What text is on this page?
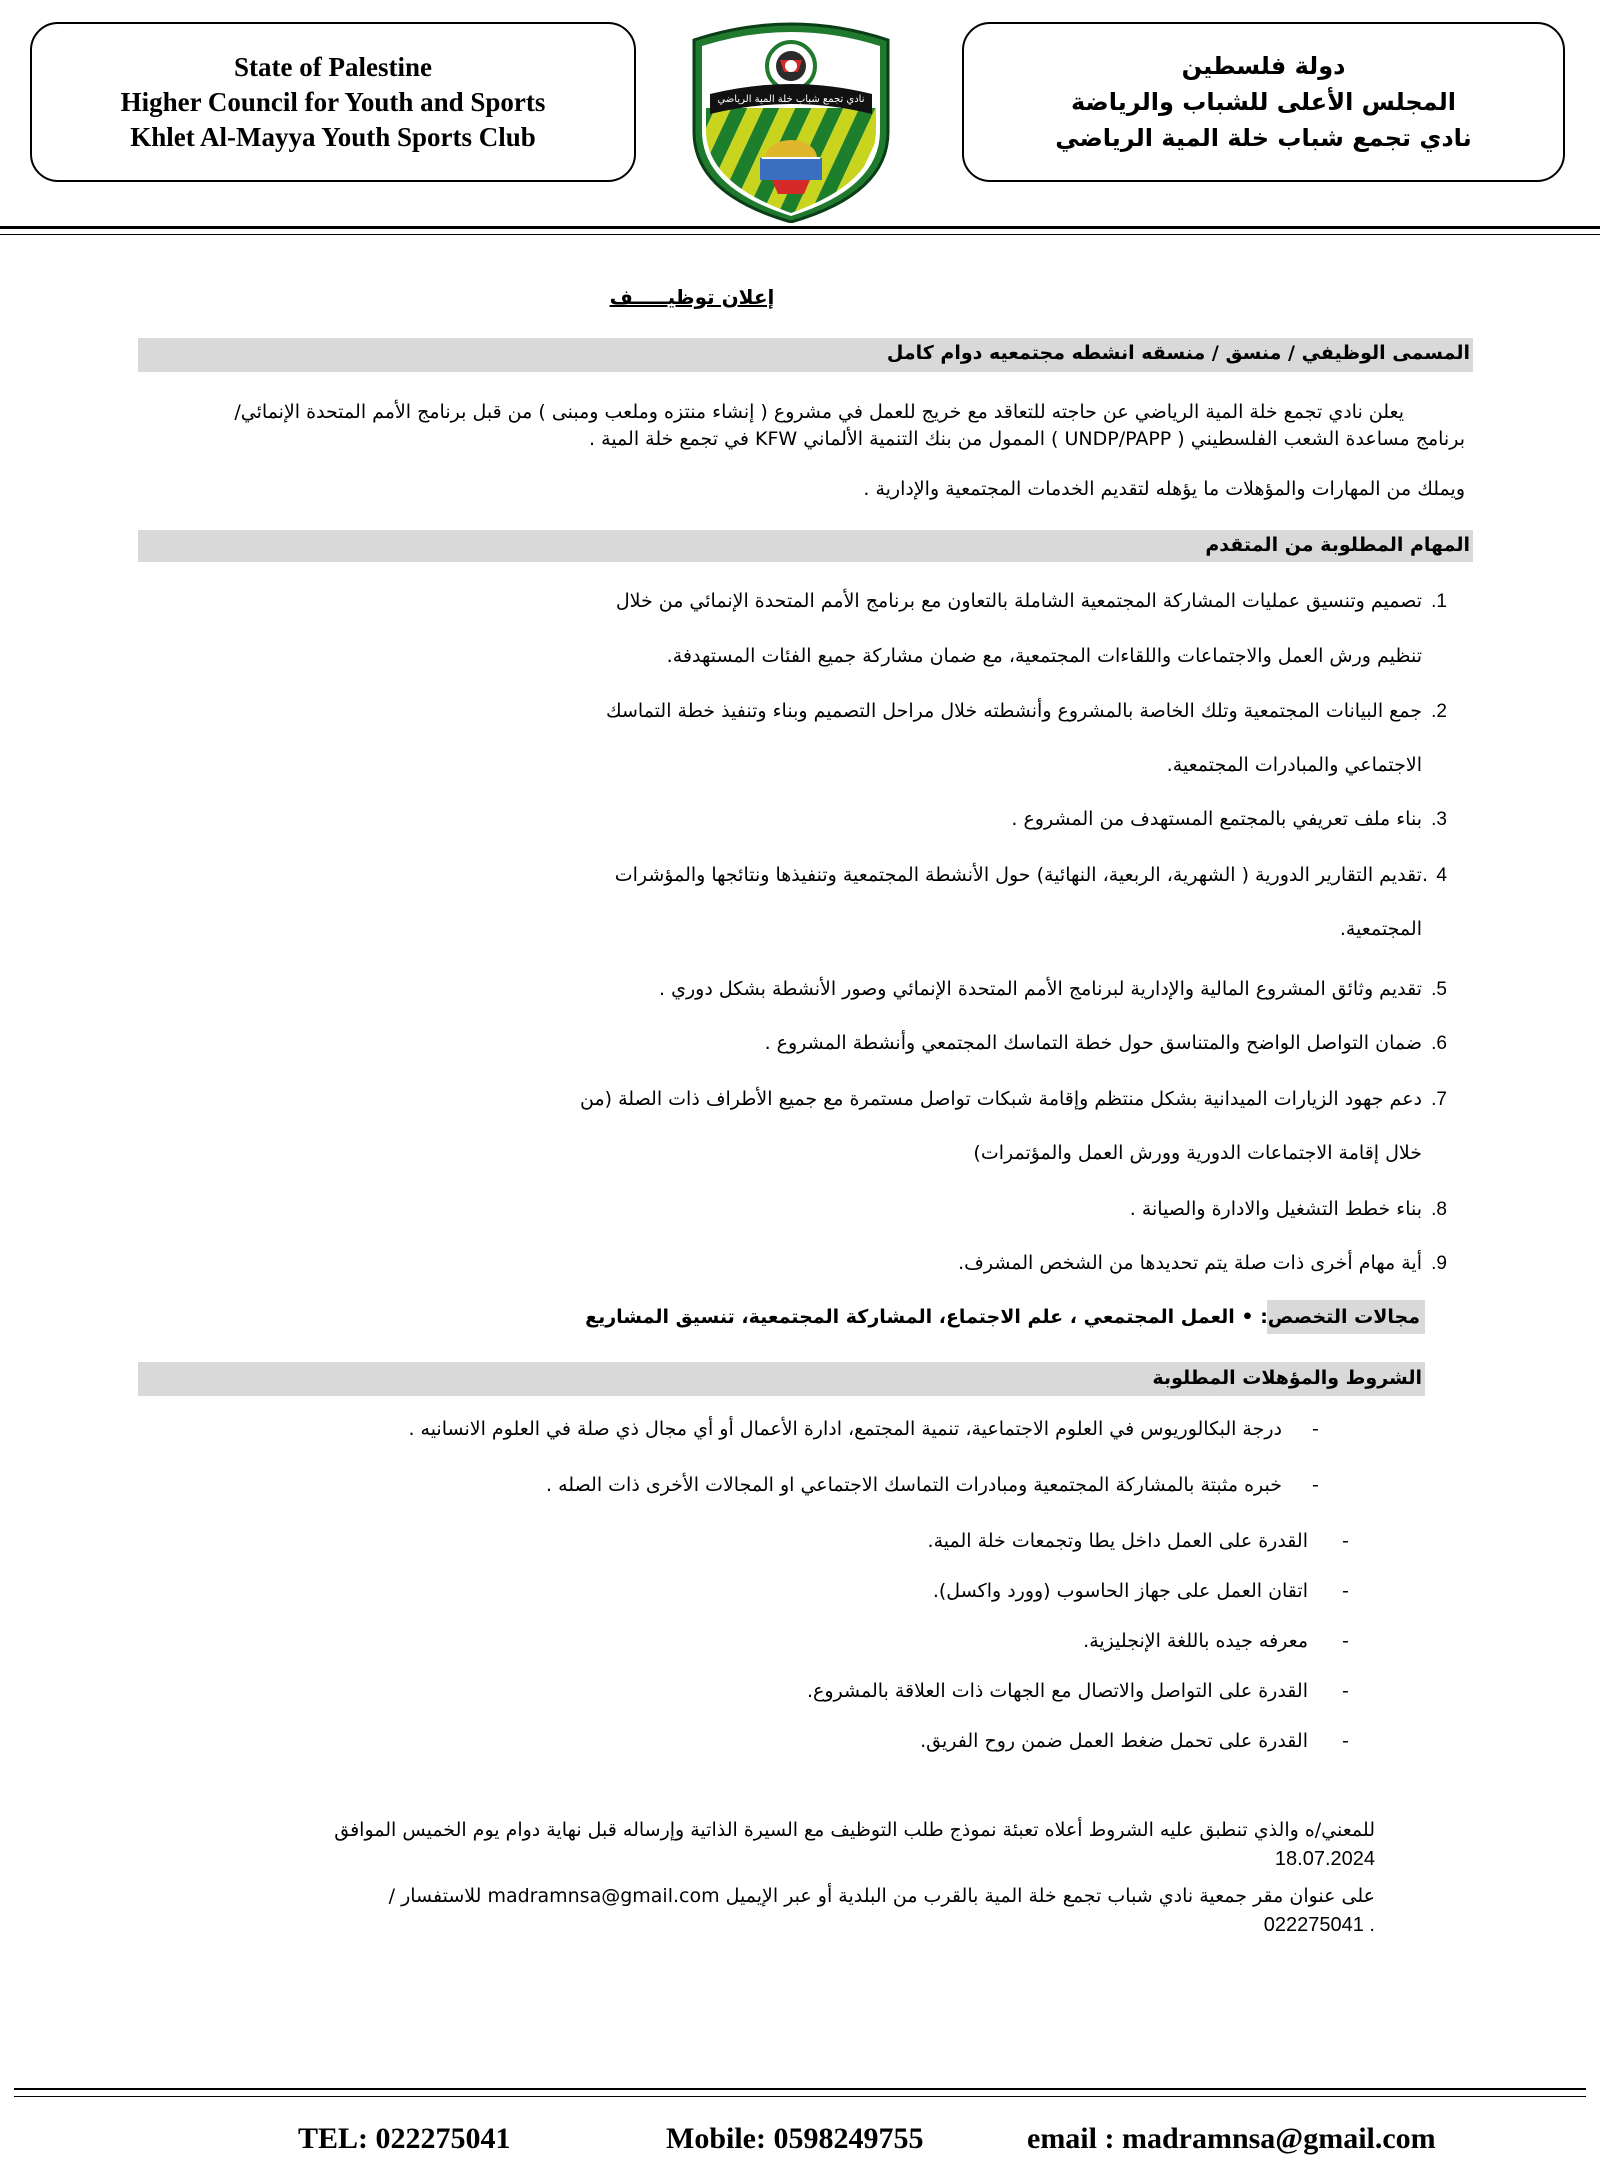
State of Palestine
Higher Council for Youth and Sports
Khlet Al-Mayya Youth Sports Club
نادي تجمع شباب خلة المية الرياضي
دولة فلسطين
المجلس الأعلى للشباب والرياضة
نادي تجمع شباب خلة المية الرياضي
إعلان توظيـــــف
المسمى الوظيفي / منسق / منسقه انشطه مجتمعيه دوام كامل
يعلن نادي تجمع خلة المية الرياضي عن حاجته للتعاقد مع خريج للعمل في مشروع ( إنشاء منتزه وملعب ومبنى ) من قبل برنامج الأمم المتحدة الإنمائي/
برنامج مساعدة الشعب الفلسطيني ( UNDP/PAPP ) الممول من بنك التنمية الألماني KFW في تجمع خلة المية .
ويملك من المهارات والمؤهلات ما يؤهله لتقديم الخدمات المجتمعية والإدارية .
المهام المطلوبة من المتقدم
1.
تصميم وتنسيق عمليات المشاركة المجتمعية الشاملة بالتعاون مع برنامج الأمم المتحدة الإنمائي من خلال
تنظيم ورش العمل والاجتماعات واللقاءات المجتمعية، مع ضمان مشاركة جميع الفئات المستهدفة.
2.
جمع البيانات المجتمعية وتلك الخاصة بالمشروع وأنشطته خلال مراحل التصميم وبناء وتنفيذ خطة التماسك
الاجتماعي والمبادرات المجتمعية.
3.
بناء ملف تعريفي بالمجتمع المستهدف من المشروع .
4
.تقديم التقارير الدورية ( الشهرية، الربعية، النهائية) حول الأنشطة المجتمعية وتنفيذها ونتائجها والمؤشرات
المجتمعية.
5.
تقديم وثائق المشروع المالية والإدارية لبرنامج الأمم المتحدة الإنمائي وصور الأنشطة بشكل دوري .
6.
ضمان التواصل الواضح والمتناسق حول خطة التماسك المجتمعي وأنشطة المشروع .
7.
دعم جهود الزيارات الميدانية بشكل منتظم وإقامة شبكات تواصل مستمرة مع جميع الأطراف ذات الصلة (من
خلال إقامة الاجتماعات الدورية وورش العمل والمؤتمرات)
8.
بناء خطط التشغيل والادارة والصيانة .
9.
أية مهام أخرى ذات صلة يتم تحديدها من الشخص المشرف.
مجالات التخصص: • العمل المجتمعي ، علم الاجتماع، المشاركة المجتمعية، تنسيق المشاريع
الشروط والمؤهلات المطلوبة
-
درجة البكالوريوس في العلوم الاجتماعية، تنمية المجتمع، ادارة الأعمال أو أي مجال ذي صلة في العلوم الانسانيه .
-
خبره مثبتة بالمشاركة المجتمعية ومبادرات التماسك الاجتماعي او المجالات الأخرى ذات الصله .
-
القدرة على العمل داخل يطا وتجمعات خلة المية.
-
اتقان العمل على جهاز الحاسوب (وورد واكسل).
-
معرفه جيده باللغة الإنجليزية.
-
القدرة على التواصل والاتصال مع الجهات ذات العلاقة بالمشروع.
-
القدرة على تحمل ضغط العمل ضمن روح الفريق.
للمعني/ه والذي تنطبق عليه الشروط أعلاه تعبئة نموذج طلب التوظيف مع السيرة الذاتية وإرساله قبل نهاية دوام يوم الخميس الموافق
18.07.2024
على عنوان مقر جمعية نادي شباب تجمع خلة المية بالقرب من البلدية أو عبر الإيميل madramnsa@gmail.com للاستفسار /
. 022275041
TEL: 022275041	Mobile: 0598249755	email : madramnsa@gmail.com
